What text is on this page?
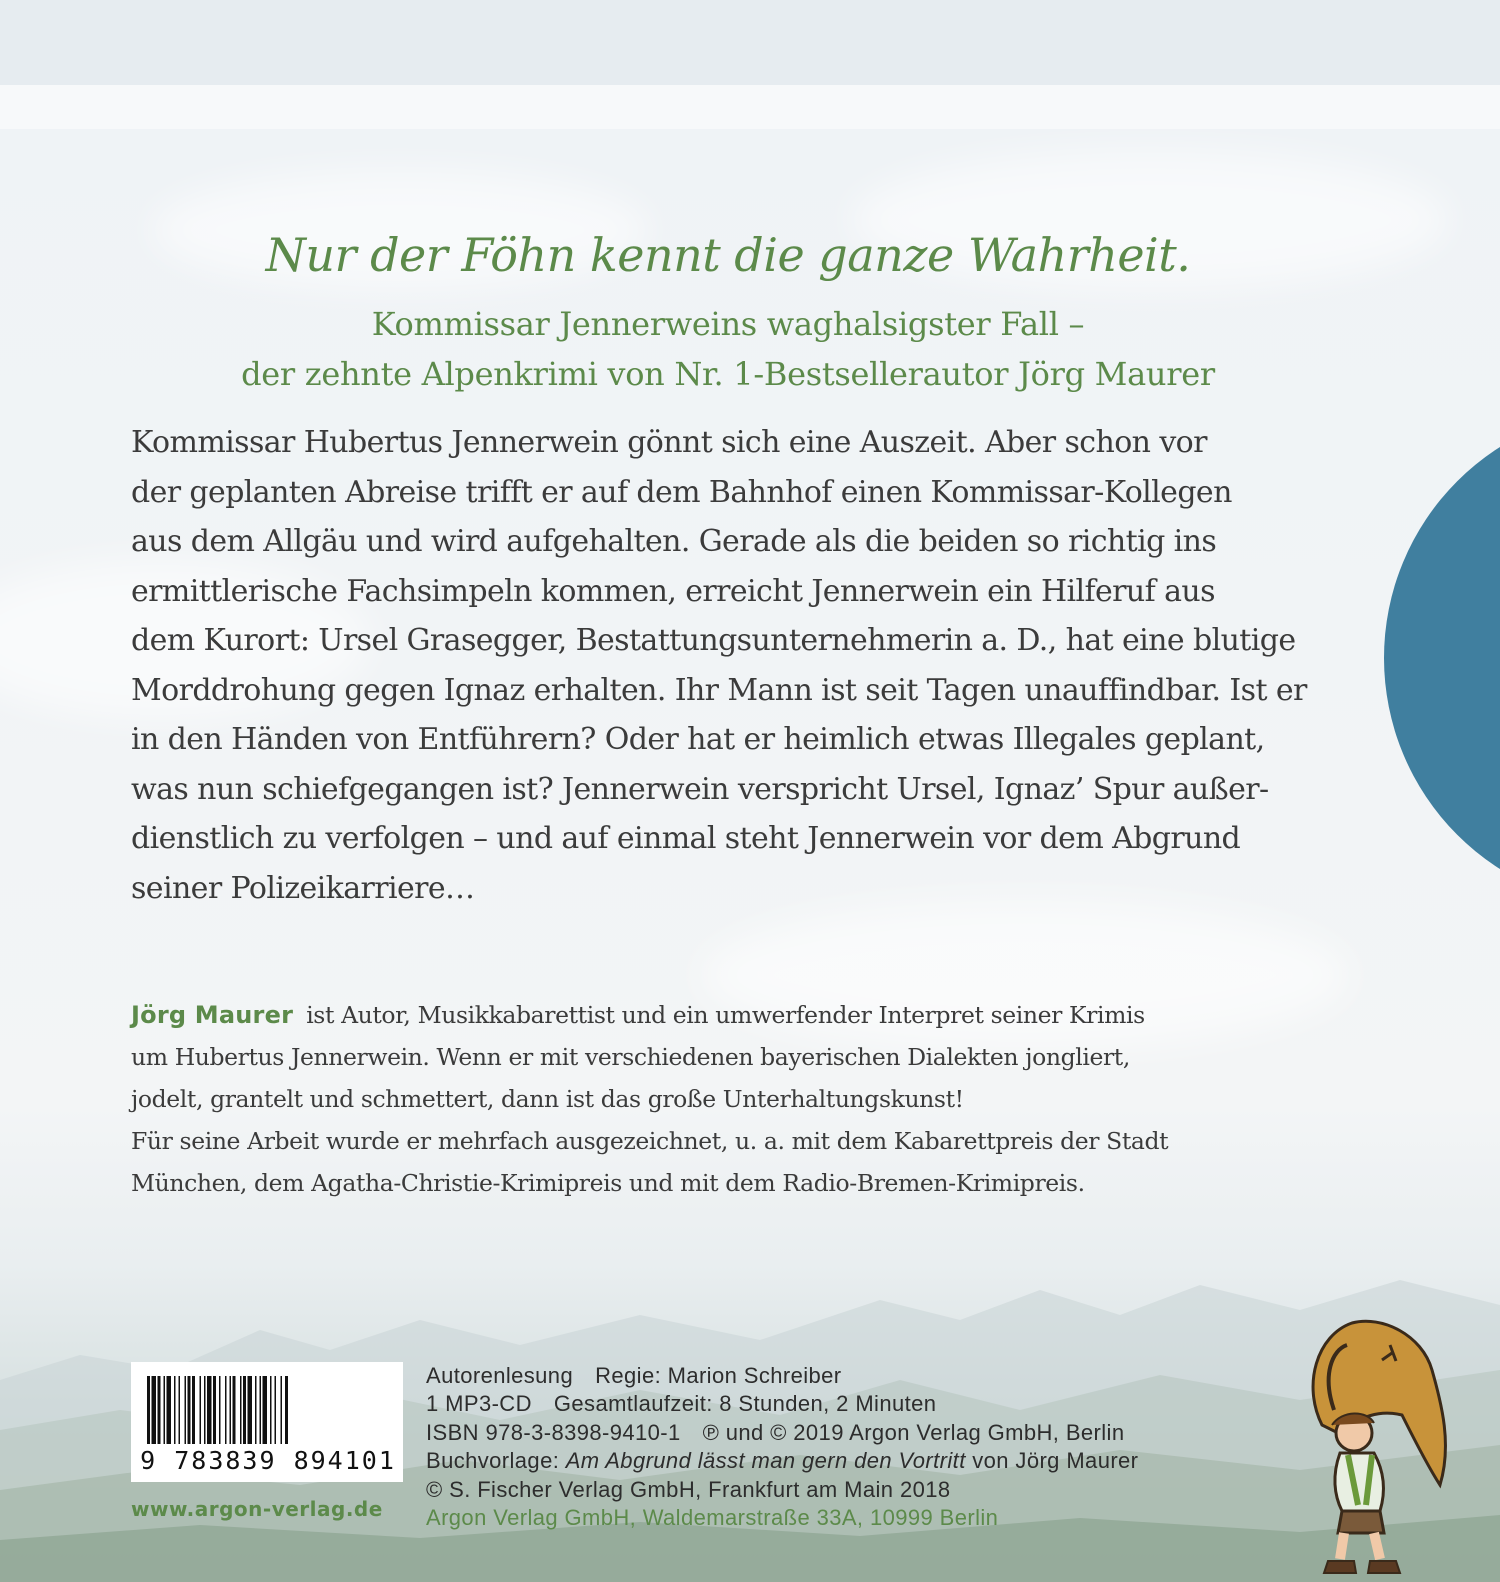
Nur der Föhn kennt die ganze Wahrheit.
Kommissar Jennerweins waghalsigster Fall –
der zehnte Alpenkrimi von Nr. 1-Bestsellerautor Jörg Maurer
Kommissar Hubertus Jennerwein gönnt sich eine Auszeit. Aber schon vor
der geplanten Abreise trifft er auf dem Bahnhof einen Kommissar-Kollegen
aus dem Allgäu und wird aufgehalten. Gerade als die beiden so richtig ins
ermittlerische Fachsimpeln kommen, erreicht Jennerwein ein Hilferuf aus
dem Kurort: Ursel Grasegger, Bestattungsunternehmerin a. D., hat eine blutige
Morddrohung gegen Ignaz erhalten. Ihr Mann ist seit Tagen unauffindbar. Ist er
in den Händen von Entführern? Oder hat er heimlich etwas Illegales geplant,
was nun schiefgegangen ist? Jennerwein verspricht Ursel, Ignaz’ Spur außer-
dienstlich zu verfolgen – und auf einmal steht Jennerwein vor dem Abgrund
seiner Polizeikarriere…
Jörg Maurer ist Autor, Musikkabarettist und ein umwerfender Interpret seiner Krimis
um Hubertus Jennerwein. Wenn er mit verschiedenen bayerischen Dialekten jongliert,
jodelt, grantelt und schmettert, dann ist das große Unterhaltungskunst!
Für seine Arbeit wurde er mehrfach ausgezeichnet, u. a. mit dem Kabarettpreis der Stadt
München, dem Agatha-Christie-Krimipreis und mit dem Radio-Bremen-Krimipreis.
9 783839 894101
www.argon-verlag.de
Autorenlesung Regie: Marion Schreiber
1 MP3-CD Gesamtlaufzeit: 8 Stunden, 2 Minuten
ISBN 978-3-8398-9410-1 ℗ und © 2019 Argon Verlag GmbH, Berlin
Buchvorlage: Am Abgrund lässt man gern den Vortritt von Jörg Maurer
© S. Fischer Verlag GmbH, Frankfurt am Main 2018
Argon Verlag GmbH, Waldemarstraße 33A, 10999 Berlin
